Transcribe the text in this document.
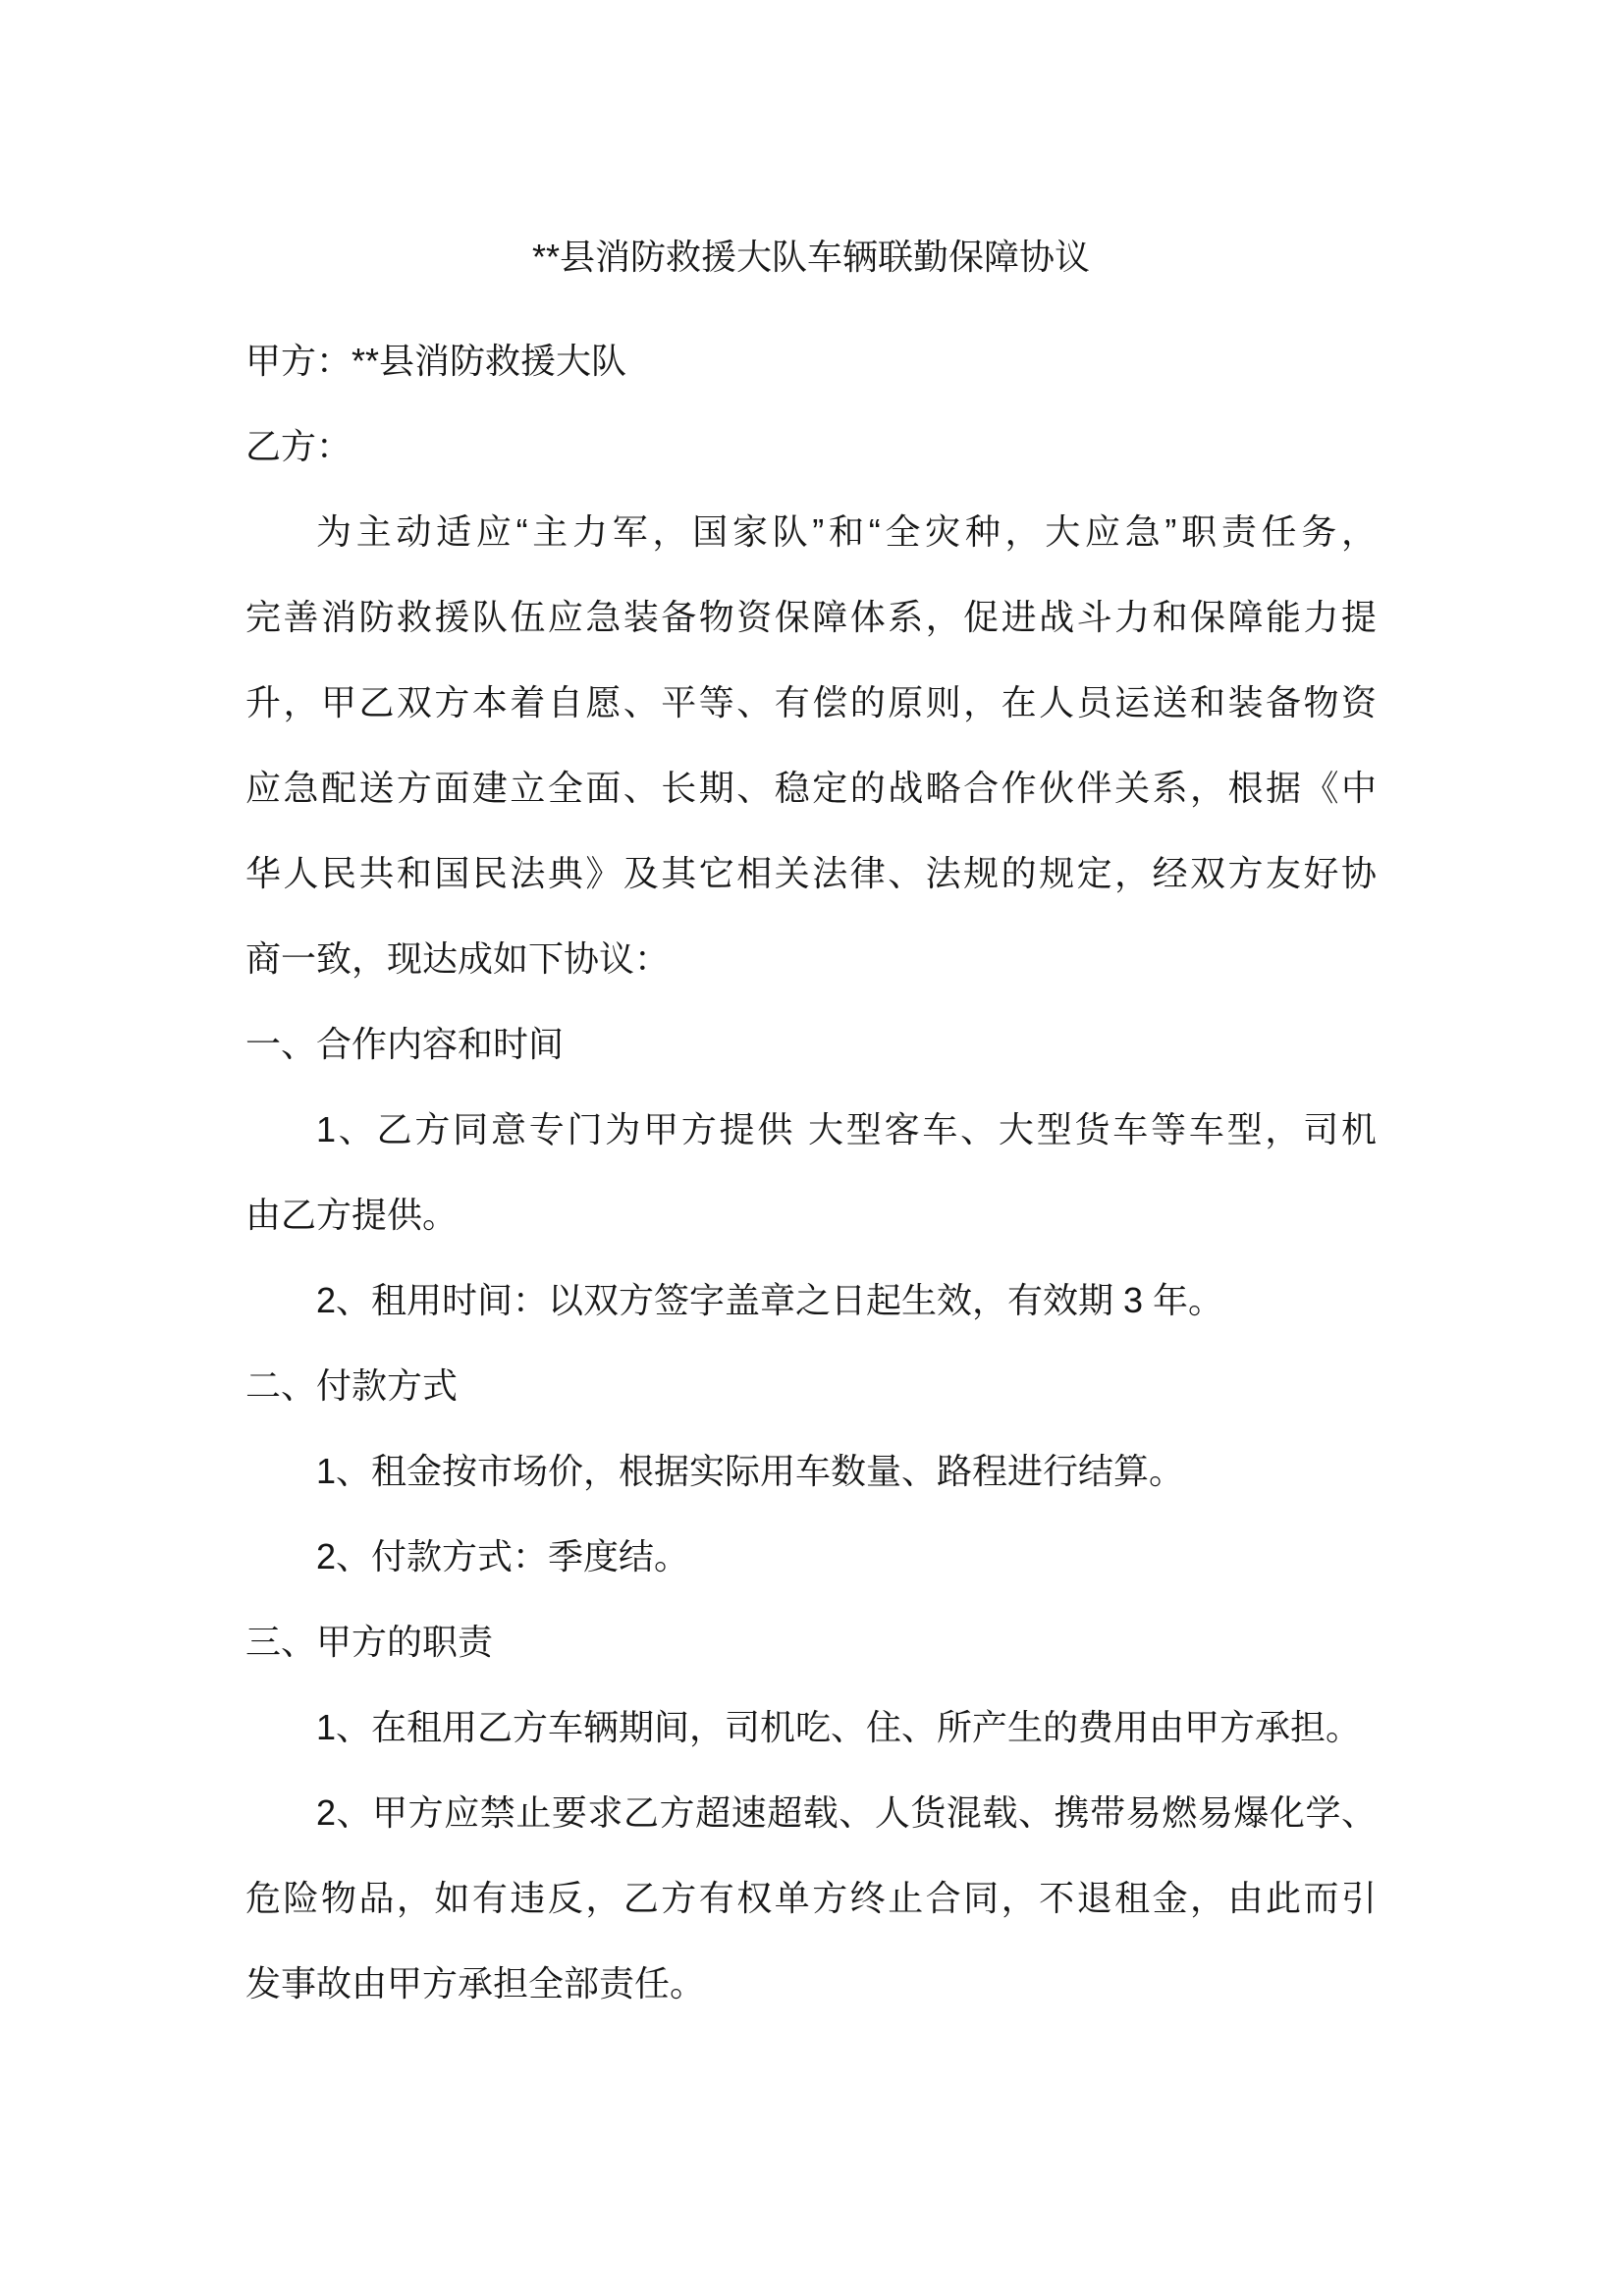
**县消防救援大队车辆联勤保障协议

甲方：**县消防救援大队

乙方：

为主动适应“主力军，国家队”和“全灾种，大应急”职责任务，

完善消防救援队伍应急装备物资保障体系，促进战斗力和保障能力提

升，甲乙双方本着自愿、平等、有偿的原则，在人员运送和装备物资

应急配送方面建立全面、长期、稳定的战略合作伙伴关系，根据《中

华人民共和国民法典》及其它相关法律、法规的规定，经双方友好协

商一致，现达成如下协议：

一、合作内容和时间

1、乙方同意专门为甲方提供 大型客车、大型货车等车型，司机

由乙方提供。

2、租用时间：以双方签字盖章之日起生效，有效期 3 年。

二、付款方式

1、租金按市场价，根据实际用车数量、路程进行结算。

2、付款方式：季度结。

三、甲方的职责

1、在租用乙方车辆期间，司机吃、住、所产生的费用由甲方承担。

2、甲方应禁止要求乙方超速超载、人货混载、携带易燃易爆化学、

危险物品，如有违反，乙方有权单方终止合同，不退租金，由此而引

发事故由甲方承担全部责任。
